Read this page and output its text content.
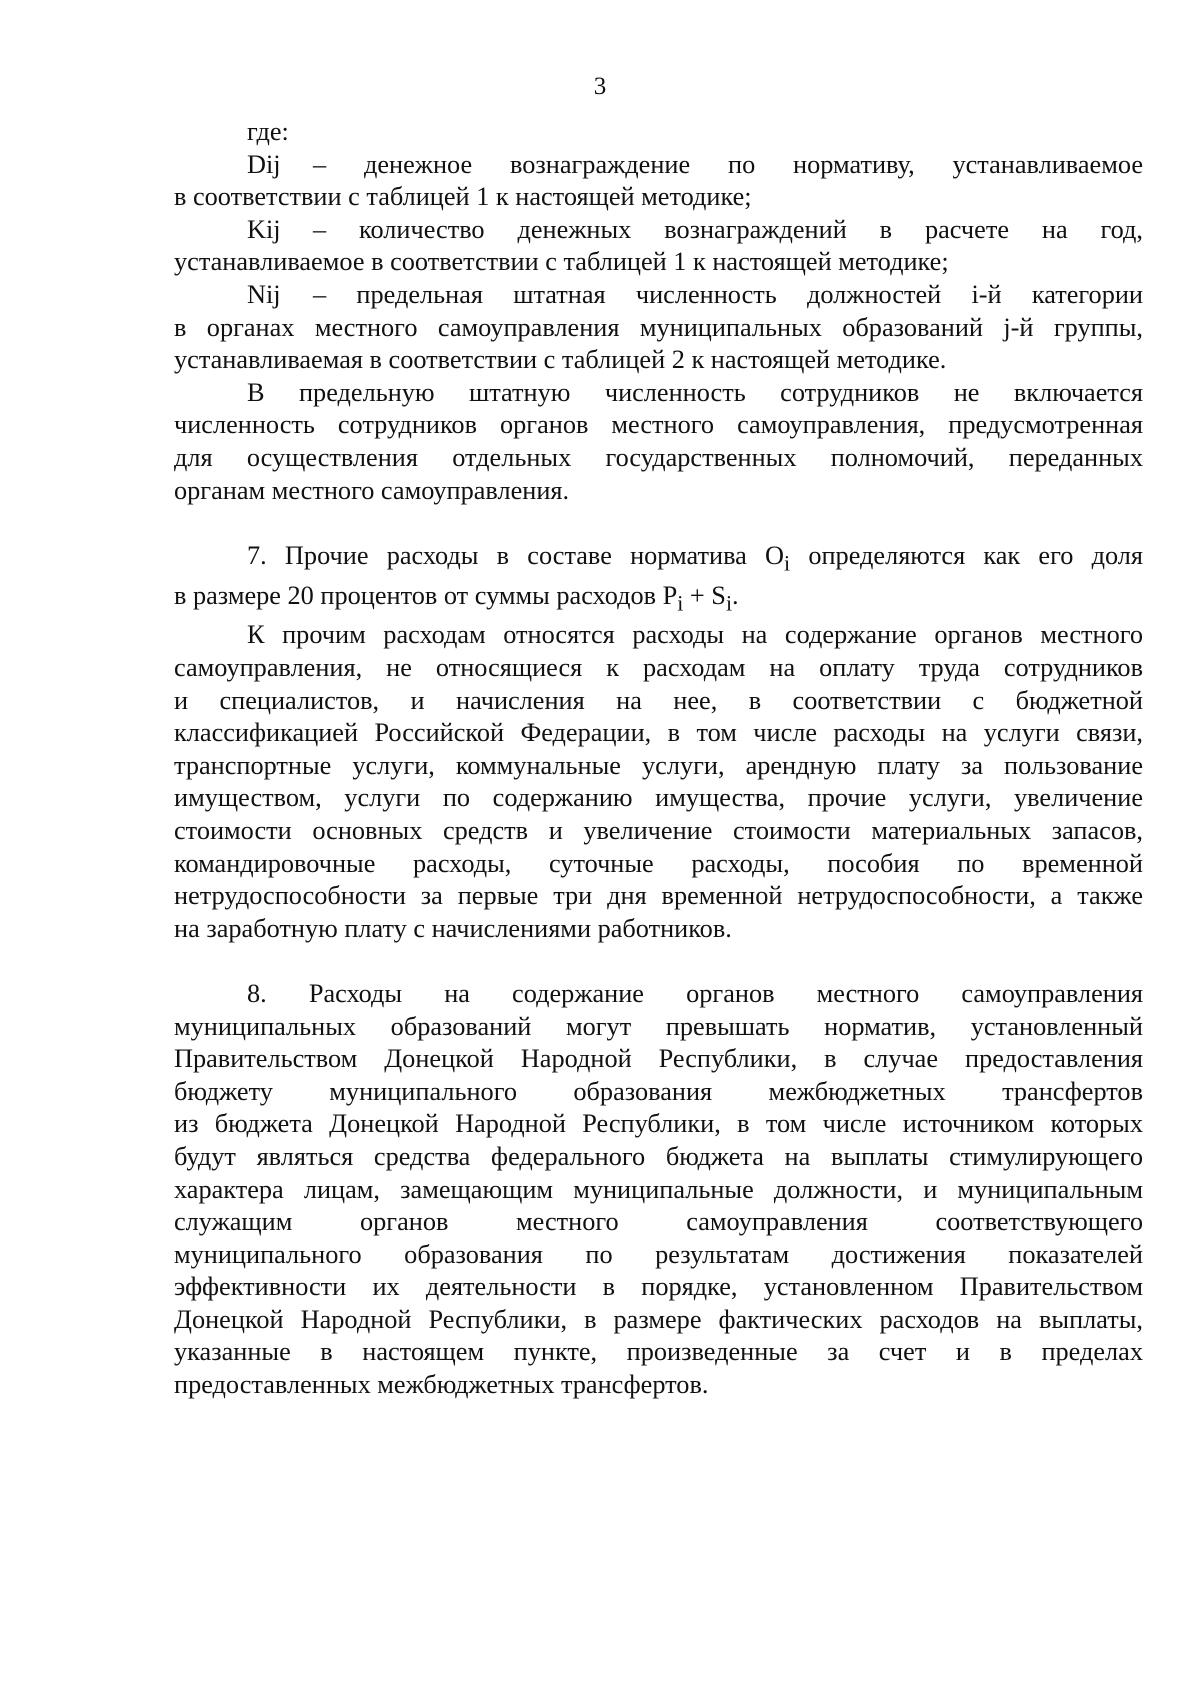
3
где:
Dij – денежное вознаграждение по нормативу, устанавливаемое
в соответствии с таблицей 1 к настоящей методике;
Kij – количество денежных вознаграждений в расчете на год,
устанавливаемое в соответствии с таблицей 1 к настоящей методике;
Nij – предельная штатная численность должностей i-й категории
в органах местного самоуправления муниципальных образований j-й группы,
устанавливаемая в соответствии с таблицей 2 к настоящей методике.
В предельную штатную численность сотрудников не включается
численность сотрудников органов местного самоуправления, предусмотренная
для осуществления отдельных государственных полномочий, переданных
органам местного самоуправления.
7. Прочие расходы в составе норматива $O_i$ определяются как его доля
в размере 20 процентов от суммы расходов $P_i + S_i$.
К прочим расходам относятся расходы на содержание органов местного
самоуправления, не относящиеся к расходам на оплату труда сотрудников
и специалистов, и начисления на нее, в соответствии с бюджетной
классификацией Российской Федерации, в том числе расходы на услуги связи,
транспортные услуги, коммунальные услуги, арендную плату за пользование
имуществом, услуги по содержанию имущества, прочие услуги, увеличение
стоимости основных средств и увеличение стоимости материальных запасов,
командировочные расходы, суточные расходы, пособия по временной
нетрудоспособности за первые три дня временной нетрудоспособности, а также
на заработную плату с начислениями работников.
8. Расходы на содержание органов местного самоуправления
муниципальных образований могут превышать норматив, установленный
Правительством Донецкой Народной Республики, в случае предоставления
бюджету муниципального образования межбюджетных трансфертов
из бюджета Донецкой Народной Республики, в том числе источником которых
будут являться средства федерального бюджета на выплаты стимулирующего
характера лицам, замещающим муниципальные должности, и муниципальным
служащим органов местного самоуправления соответствующего
муниципального образования по результатам достижения показателей
эффективности их деятельности в порядке, установленном Правительством
Донецкой Народной Республики, в размере фактических расходов на выплаты,
указанные в настоящем пункте, произведенные за счет и в пределах
предоставленных межбюджетных трансфертов.
